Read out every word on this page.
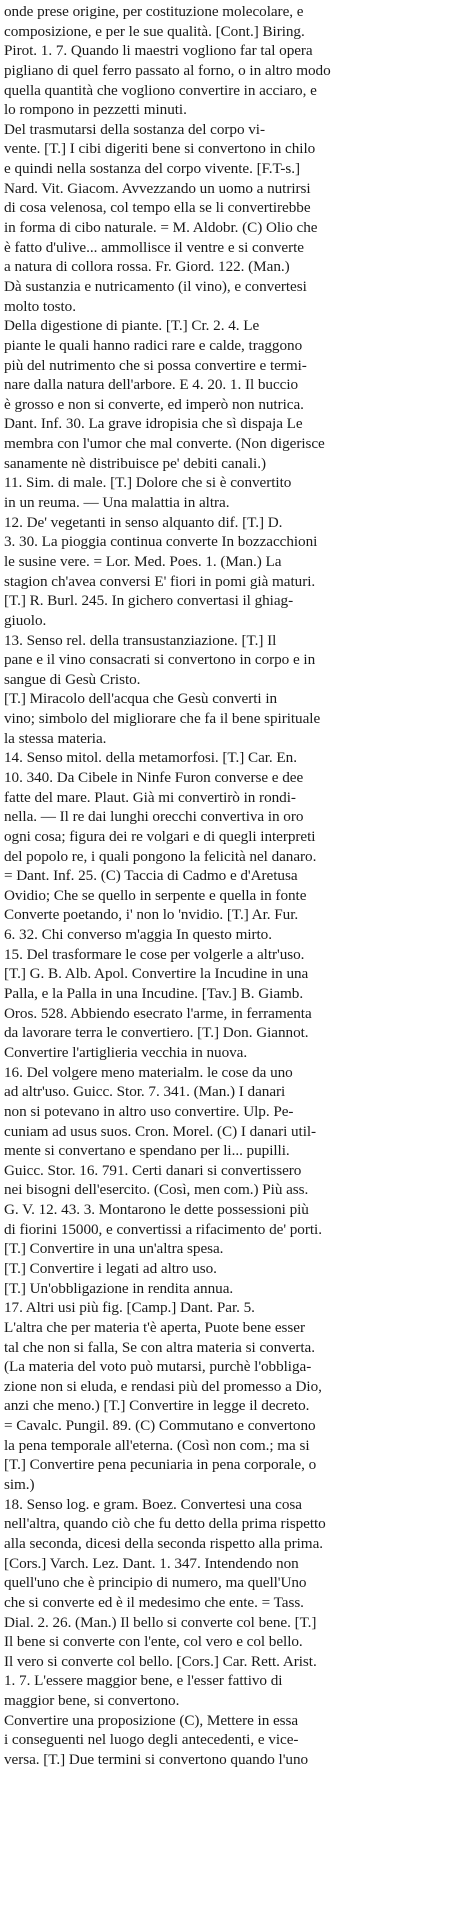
onde prese origine, per costituzione molecolare, e
composizione, e per le sue qualità. [Cont.] Biring.
Pirot. 1. 7. Quando li maestri vogliono far tal opera
pigliano di quel ferro passato al forno, o in altro modo
quella quantità che vogliono convertire in acciaro, e
lo rompono in pezzetti minuti.
Del trasmutarsi della sostanza del corpo vi-
vente. [T.] I cibi digeriti bene si convertono in chilo
e quindi nella sostanza del corpo vivente. [F.T-s.]
Nard. Vit. Giacom. Avvezzando un uomo a nutrirsi
di cosa velenosa, col tempo ella se li convertirebbe
in forma di cibo naturale. = M. Aldobr. (C) Olio che
è fatto d'ulive... ammollisce il ventre e si converte
a natura di collora rossa. Fr. Giord. 122. (Man.)
Dà sustanzia e nutricamento (il vino), e convertesi
molto tosto.
Della digestione di piante. [T.] Cr. 2. 4. Le
piante le quali hanno radici rare e calde, traggono
più del nutrimento che si possa convertire e termi-
nare dalla natura dell'arbore. E 4. 20. 1. Il buccio
è grosso e non si converte, ed imperò non nutrica.
Dant. Inf. 30. La grave idropisia che sì dispaja Le
membra con l'umor che mal converte. (Non digerisce
sanamente nè distribuisce pe' debiti canali.)
11. Sim. di male. [T.] Dolore che si è convertito
in un reuma. — Una malattia in altra.
12. De' vegetanti in senso alquanto dif. [T.] D.
3. 30. La pioggia continua converte In bozzacchioni
le susine vere. = Lor. Med. Poes. 1. (Man.) La
stagion ch'avea conversi E' fiori in pomi già maturi.
[T.] R. Burl. 245. In gichero convertasi il ghiag-
giuolo.
13. Senso rel. della transustanziazione. [T.] Il
pane e il vino consacrati si convertono in corpo e in
sangue di Gesù Cristo.
[T.] Miracolo dell'acqua che Gesù converti in
vino; simbolo del migliorare che fa il bene spirituale
la stessa materia.
14. Senso mitol. della metamorfosi. [T.] Car. En.
10. 340. Da Cibele in Ninfe Furon converse e dee
fatte del mare. Plaut. Già mi convertirò in rondi-
nella. — Il re dai lunghi orecchi convertiva in oro
ogni cosa; figura dei re volgari e di quegli interpreti
del popolo re, i quali pongono la felicità nel danaro.
= Dant. Inf. 25. (C) Taccia di Cadmo e d'Aretusa
Ovidio; Che se quello in serpente e quella in fonte
Converte poetando, i' non lo 'nvidio. [T.] Ar. Fur.
6. 32. Chi converso m'aggia In questo mirto.
15. Del trasformare le cose per volgerle a altr'uso.
[T.] G. B. Alb. Apol. Convertire la Incudine in una
Palla, e la Palla in una Incudine. [Tav.] B. Giamb.
Oros. 528. Abbiendo esecrato l'arme, in ferramenta
da lavorare terra le convertiero. [T.] Don. Giannot.
Convertire l'artiglieria vecchia in nuova.
16. Del volgere meno materialm. le cose da uno
ad altr'uso. Guicc. Stor. 7. 341. (Man.) I danari
non si potevano in altro uso convertire. Ulp. Pe-
cuniam ad usus suos. Cron. Morel. (C) I danari util-
mente si convertano e spendano per li... pupilli.
Guicc. Stor. 16. 791. Certi danari si convertissero
nei bisogni dell'esercito. (Così, men com.) Più ass.
G. V. 12. 43. 3. Montarono le dette possessioni più
di fiorini 15000, e convertissi a rifacimento de' porti.
[T.] Convertire in una un'altra spesa.
[T.] Convertire i legati ad altro uso.
[T.] Un'obbligazione in rendita annua.
17. Altri usi più fig. [Camp.] Dant. Par. 5.
L'altra che per materia t'è aperta, Puote bene esser
tal che non si falla, Se con altra materia si converta.
(La materia del voto può mutarsi, purchè l'obbliga-
zione non si eluda, e rendasi più del promesso a Dio,
anzi che meno.) [T.] Convertire in legge il decreto.
= Cavalc. Pungil. 89. (C) Commutano e convertono
la pena temporale all'eterna. (Così non com.; ma si
[T.] Convertire pena pecuniaria in pena corporale, o
sim.)
18. Senso log. e gram. Boez. Convertesi una cosa
nell'altra, quando ciò che fu detto della prima rispetto
alla seconda, dicesi della seconda rispetto alla prima.
[Cors.] Varch. Lez. Dant. 1. 347. Intendendo non
quell'uno che è principio di numero, ma quell'Uno
che si converte ed è il medesimo che ente. = Tass.
Dial. 2. 26. (Man.) Il bello si converte col bene. [T.]
Il bene si converte con l'ente, col vero e col bello.
Il vero si converte col bello. [Cors.] Car. Rett. Arist.
1. 7. L'essere maggior bene, e l'esser fattivo di
maggior bene, si convertono.
Convertire una proposizione (C), Mettere in essa
i conseguenti nel luogo degli antecedenti, e vice-
versa. [T.] Due termini si convertono quando l'uno
